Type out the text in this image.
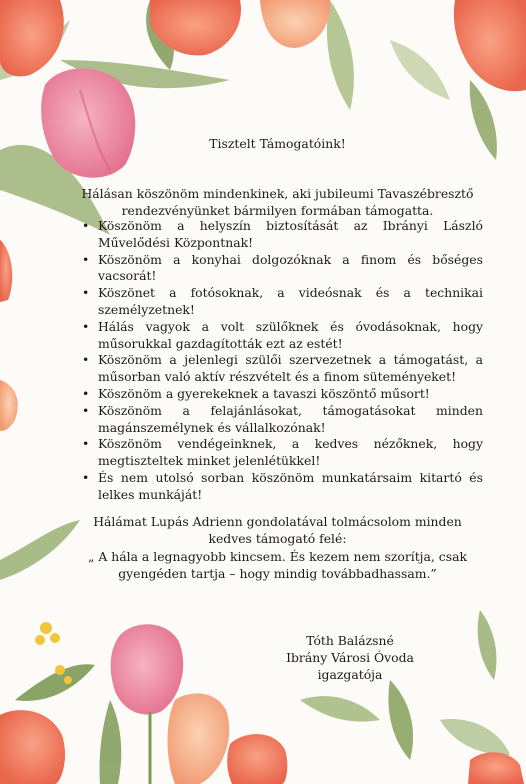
Tisztelt Támogatóink!
Hálásan köszönöm mindenkinek, aki jubileumi Tavaszébresztő rendezvényünket bármilyen formában támogatta.
• Köszönöm a helyszín biztosítását az Ibrányi László Művelődési Központnak!
• Köszönöm a konyhai dolgozóknak a finom és bőséges vacsorát!
• Köszönet a fotósoknak, a videósnak és a technikai személyzetnek!
• Hálás vagyok a volt szülőknek és óvodásoknak, hogy műsorukkal gazdagították ezt az estét!
• Köszönöm a jelenlegi szülői szervezetnek a támogatást, a műsorban való aktív részvételt és a finom süteményeket!
• Köszönöm a gyerekeknek a tavaszi köszöntő műsort!
• Köszönöm a felajánlásokat, támogatásokat minden magánszemélynek és vállalkozónak!
• Köszönöm vendégeinknek, a kedves nézőknek, hogy megtiszteltek minket jelenlétükkel!
• És nem utolsó sorban köszönöm munkatársaim kitartó és lelkes munkáját!
Hálámat Lupás Adrienn gondolatával tolmácsolom minden kedves támogató felé:
„ A hála a legnagyobb kincsem. És kezem nem szorítja, csak gyengéden tartja – hogy mindig továbbadhassam.”
Tóth Balázsné
Ibrány Városi Óvoda
igazgatója
